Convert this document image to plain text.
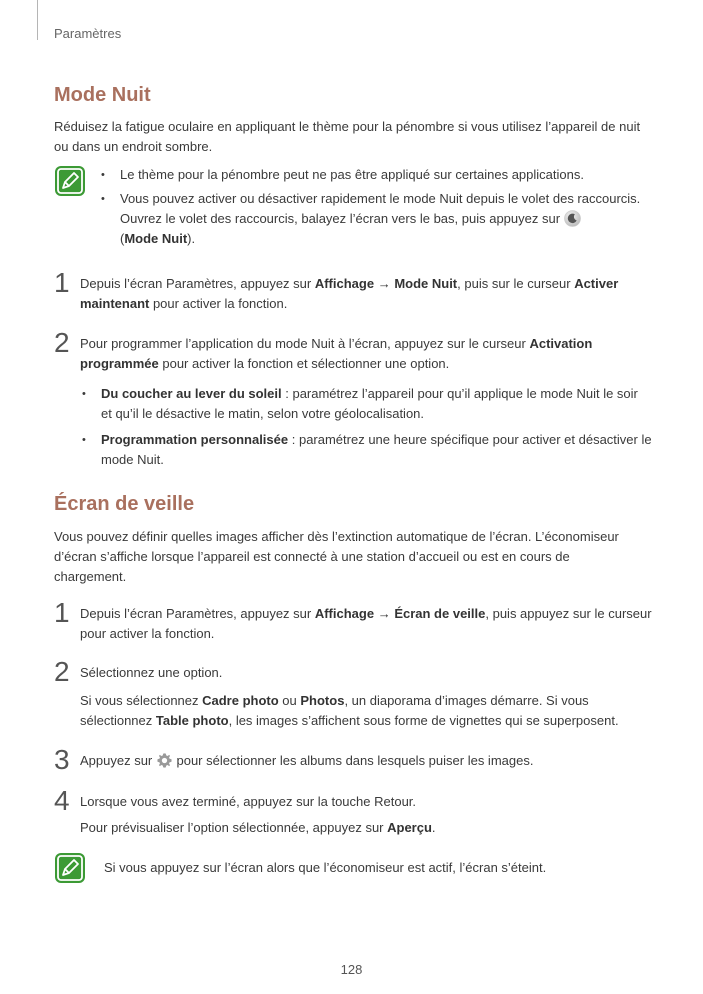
Paramètres
Mode Nuit

Réduisez la fatigue oculaire en appliquant le thème pour la pénombre si vous utilisez l’appareil de nuit ou dans un endroit sombre.

• Le thème pour la pénombre peut ne pas être appliqué sur certaines applications.
• Vous pouvez activer ou désactiver rapidement le mode Nuit depuis le volet des raccourcis. Ouvrez le volet des raccourcis, balayez l’écran vers le bas, puis appuyez sur
(Mode Nuit).
1 Depuis l’écran Paramètres, appuyez sur Affichage → Mode Nuit, puis sur le curseur Activer maintenant pour activer la fonction.
2 Pour programmer l’application du mode Nuit à l’écran, appuyez sur le curseur Activation programmée pour activer la fonction et sélectionner une option.
• Du coucher au lever du soleil : paramétrez l’appareil pour qu’il applique le mode Nuit le soir et qu’il le désactive le matin, selon votre géolocalisation.
• Programmation personnalisée : paramétrez une heure spécifique pour activer et désactiver le mode Nuit.
Écran de veille

Vous pouvez définir quelles images afficher dès l’extinction automatique de l’écran. L’économiseur d’écran s’affiche lorsque l’appareil est connecté à une station d’accueil ou est en cours de chargement.

1 Depuis l’écran Paramètres, appuyez sur Affichage → Écran de veille, puis appuyez sur le curseur pour activer la fonction.
2 Sélectionnez une option.
Si vous sélectionnez Cadre photo ou Photos, un diaporama d’images démarre. Si vous sélectionnez Table photo, les images s’affichent sous forme de vignettes qui se superposent.
3 Appuyez sur  pour sélectionner les albums dans lesquels puiser les images.
4 Lorsque vous avez terminé, appuyez sur la touche Retour.
Pour prévisualiser l’option sélectionnée, appuyez sur Aperçu.
Si vous appuyez sur l’écran alors que l’économiseur est actif, l’écran s’éteint.
128
